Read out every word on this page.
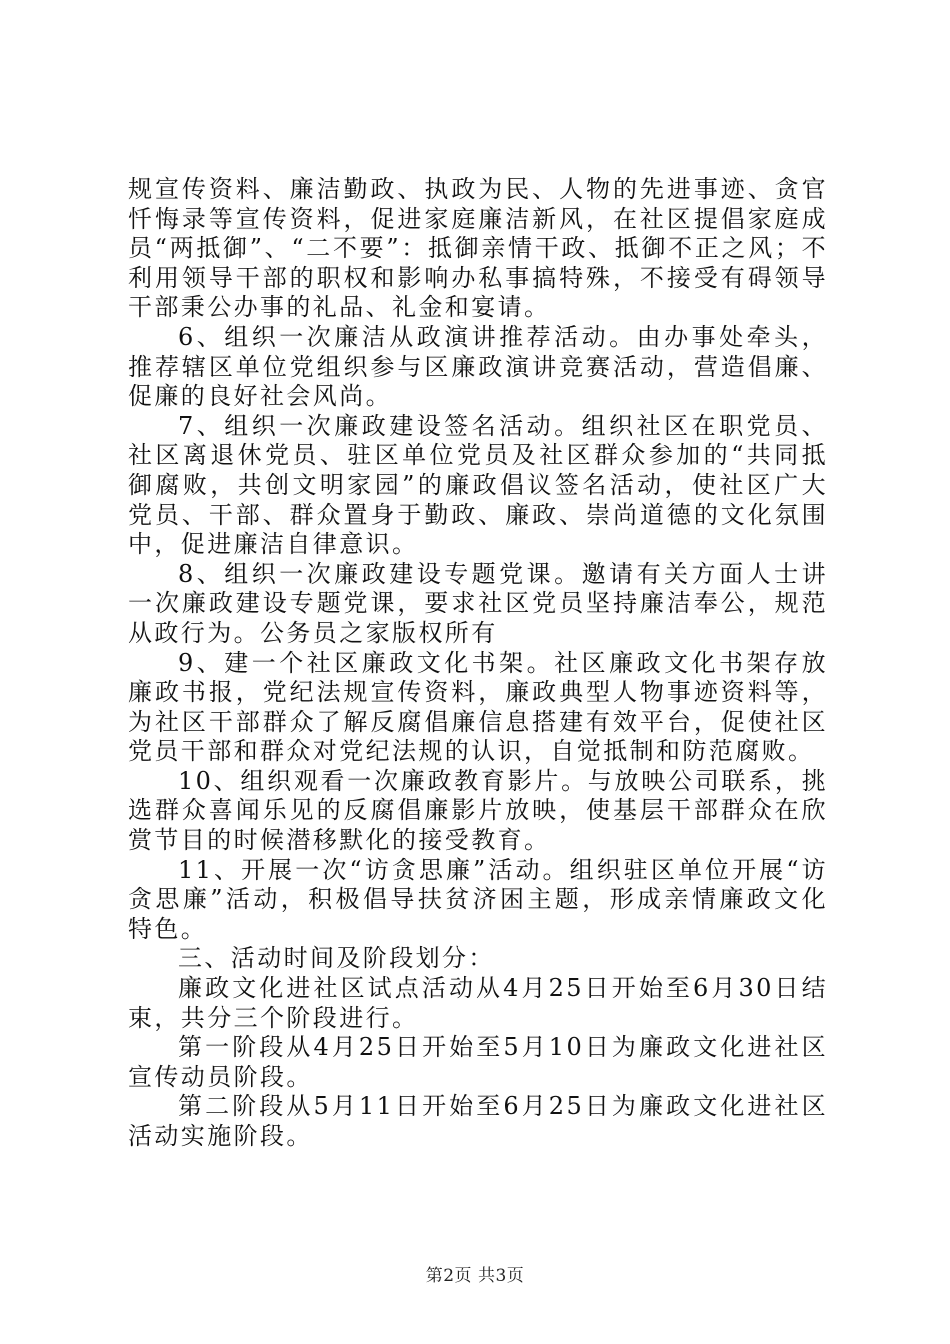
规宣传资料、廉洁勤政、执政为民、人物的先进事迹、贪官忏悔录等宣传资料，促进家庭廉洁新风，在社区提倡家庭成员“两抵御”、“二不要”：抵御亲情干政、抵御不正之风；不利用领导干部的职权和影响办私事搞特殊，不接受有碍领导干部秉公办事的礼品、礼金和宴请。

6、组织一次廉洁从政演讲推荐活动。由办事处牵头，推荐辖区单位党组织参与区廉政演讲竞赛活动，营造倡廉、促廉的良好社会风尚。

7、组织一次廉政建设签名活动。组织社区在职党员、社区离退休党员、驻区单位党员及社区群众参加的“共同抵御腐败，共创文明家园”的廉政倡议签名活动，使社区广大党员、干部、群众置身于勤政、廉政、崇尚道德的文化氛围中，促进廉洁自律意识。

8、组织一次廉政建设专题党课。邀请有关方面人士讲一次廉政建设专题党课，要求社区党员坚持廉洁奉公，规范从政行为。公务员之家版权所有

9、建一个社区廉政文化书架。社区廉政文化书架存放廉政书报，党纪法规宣传资料，廉政典型人物事迹资料等，为社区干部群众了解反腐倡廉信息搭建有效平台，促使社区党员干部和群众对党纪法规的认识，自觉抵制和防范腐败。

10、组织观看一次廉政教育影片。与放映公司联系，挑选群众喜闻乐见的反腐倡廉影片放映，使基层干部群众在欣赏节目的时候潜移默化的接受教育。

11、开展一次“访贪思廉”活动。组织驻区单位开展“访贪思廉”活动，积极倡导扶贫济困主题，形成亲情廉政文化特色。

三、活动时间及阶段划分：

廉政文化进社区试点活动从4月25日开始至6月30日结束，共分三个阶段进行。

第一阶段从4月25日开始至5月10日为廉政文化进社区宣传动员阶段。

第二阶段从5月11日开始至6月25日为廉政文化进社区活动实施阶段。

第2页 共3页
